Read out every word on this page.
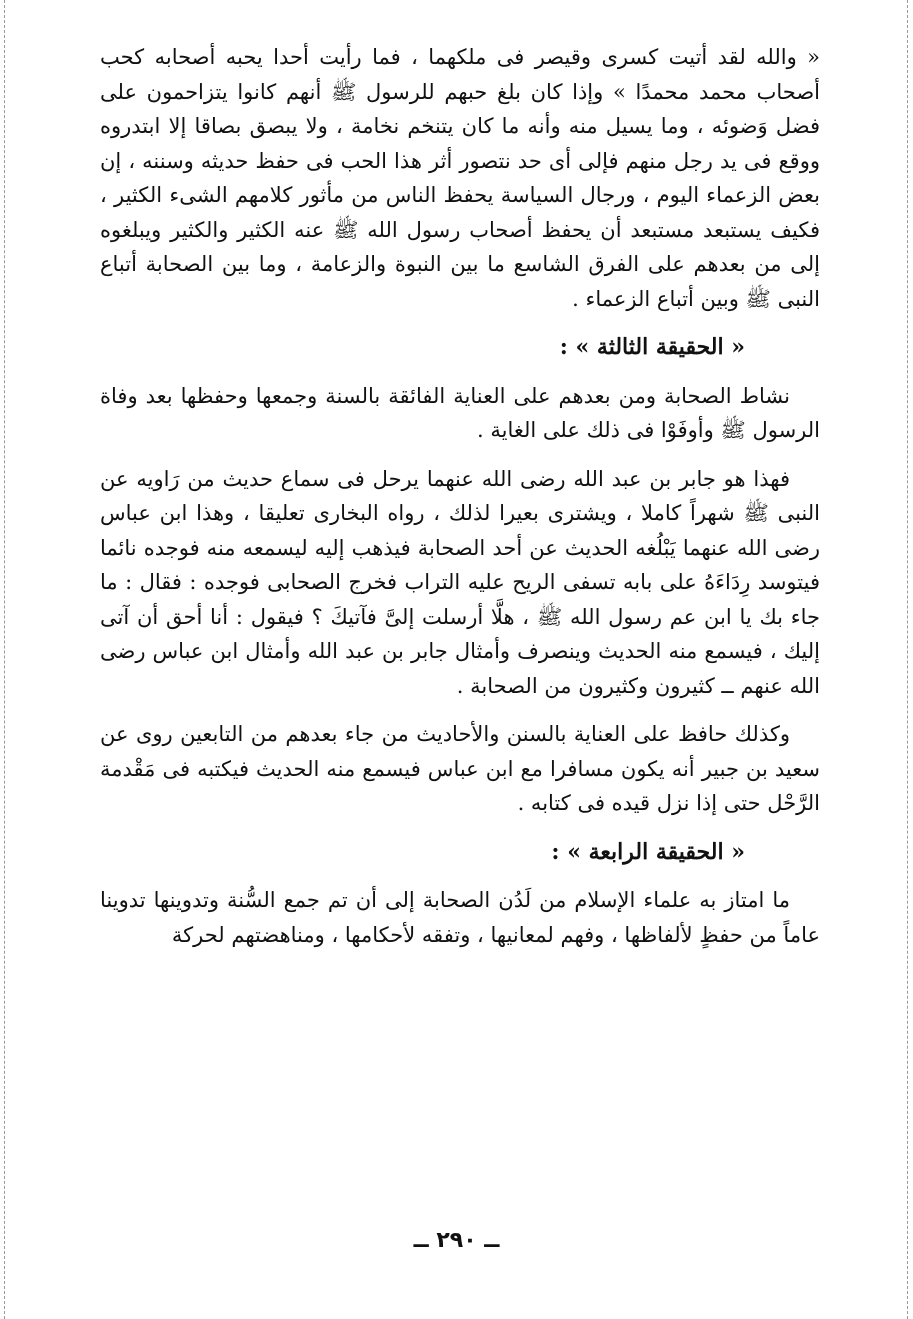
« والله لقد أتيت كسرى وقيصر فى ملكهما ، فما رأيت أحدا يحبه أصحابه كحب أصحاب محمد محمدًا » وإذا كان بلغ حبهم للرسول ﷺ أنهم كانوا يتزاحمون على فضل وَضوئه ، وما يسيل منه وأنه ما كان يتنخم نخامة ، ولا يبصق بصاقا إلا ابتدروه ووقع فى يد رجل منهم فإلى أى حد نتصور أثر هذا الحب فى حفظ حديثه وسننه ، إن بعض الزعماء اليوم ، ورجال السياسة يحفظ الناس من مأثور كلامهم الشىء الكثير ، فكيف يستبعد مستبعد أن يحفظ أصحاب رسول الله ﷺ عنه الكثير والكثير ويبلغوه إلى من بعدهم على الفرق الشاسع ما بين النبوة والزعامة ، وما بين الصحابة أتباع النبى ﷺ وبين أتباع الزعماء .

« الحقيقة الثالثة » :

نشاط الصحابة ومن بعدهم على العناية الفائقة بالسنة وجمعها وحفظها بعد وفاة الرسول ﷺ وأوفَوْا فى ذلك على الغاية .

فهذا هو جابر بن عبد الله رضى الله عنهما يرحل فى سماع حديث من رَاويه عن النبى ﷺ شهراً كاملا ، ويشترى بعيرا لذلك ، رواه البخارى تعليقا ، وهذا ابن عباس رضى الله عنهما يَبْلُغه الحديث عن أحد الصحابة فيذهب إليه ليسمعه منه فوجده نائما فيتوسد رِدَاءَهُ على بابه تسفى الريح عليه التراب فخرج الصحابى فوجده : فقال : ما جاء بك يا ابن عم رسول الله ﷺ ، هلَّا أرسلت إلىَّ فآتيكَ ؟ فيقول : أنا أحق أن آتى إليك ، فيسمع منه الحديث وينصرف وأمثال جابر بن عبد الله وأمثال ابن عباس رضى الله عنهم ــ كثيرون وكثيرون من الصحابة .

وكذلك حافظ على العناية بالسنن والأحاديث من جاء بعدهم من التابعين روى عن سعيد بن جبير أنه يكون مسافرا مع ابن عباس فيسمع منه الحديث فيكتبه فى مَقْدمة الرَّحْل حتى إذا نزل قيده فى كتابه .

« الحقيقة الرابعة » :

ما امتاز به علماء الإسلام من لَدُن الصحابة إلى أن تم جمع السُّنة وتدوينها تدوينا عاماً من حفظٍ لألفاظها ، وفهم لمعانيها ، وتفقه لأحكامها ، ومناهضتهم لحركة

ــ ٢٩٠ ــ
